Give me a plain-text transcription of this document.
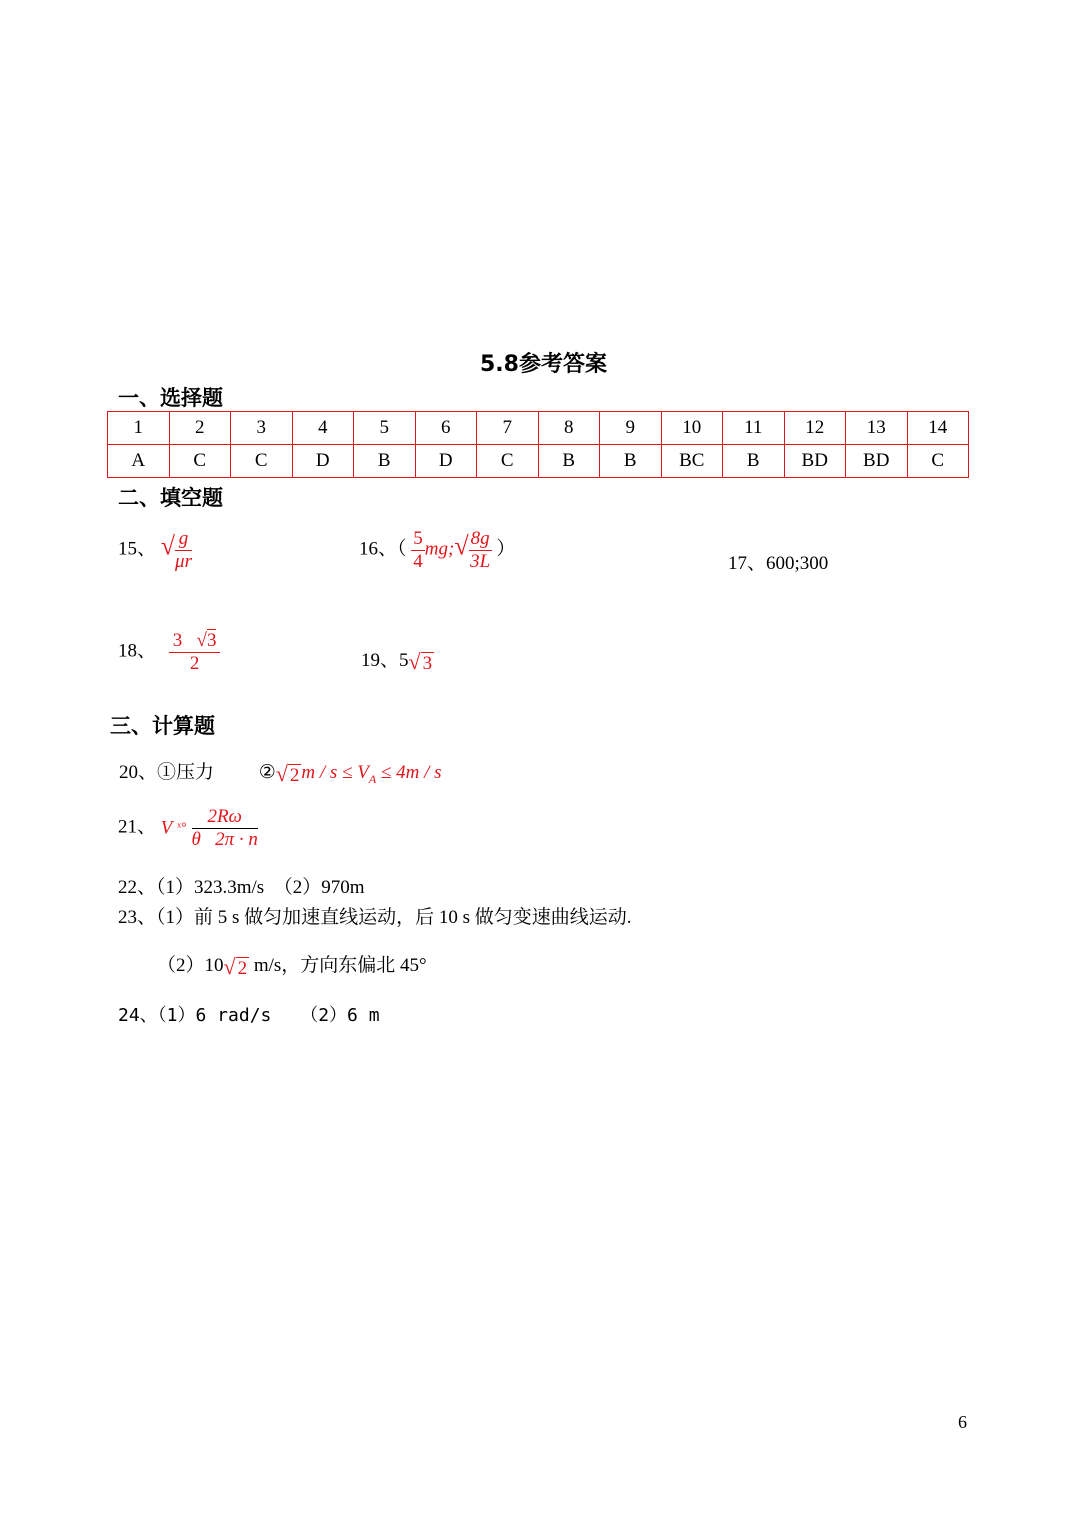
5.8参考答案
一、选择题
1	2	3	4	5	6	7	8	9	10	11	12	13	14
A	C	C	D	B	D	C	B	B	BC	B	BD	BD	C
二、填空题
15、 √ $\frac{g}{\mu r}$	16、（ $\frac{5}{4}$ mg;√ $\frac{8g}{3L}$ ）
17、600;300
18、 $\frac{3 √3}{2}$	19、5√ 3
三、计算题
20、①压力 ②√ 2 $m / s \le V_A \le 4m / s$
21、 V ˣ° $\frac{2R\omega}{\theta 2\pi \cdot n}$
22、（1）323.3m/s　（2）970m
23、（1）前 5 s 做匀加速直线运动，后 10 s 做匀变速曲线运动.
（2）10√ 2 m/s，方向东偏北 45°
24、（1）6 rad/s　 （2）6 m
6
